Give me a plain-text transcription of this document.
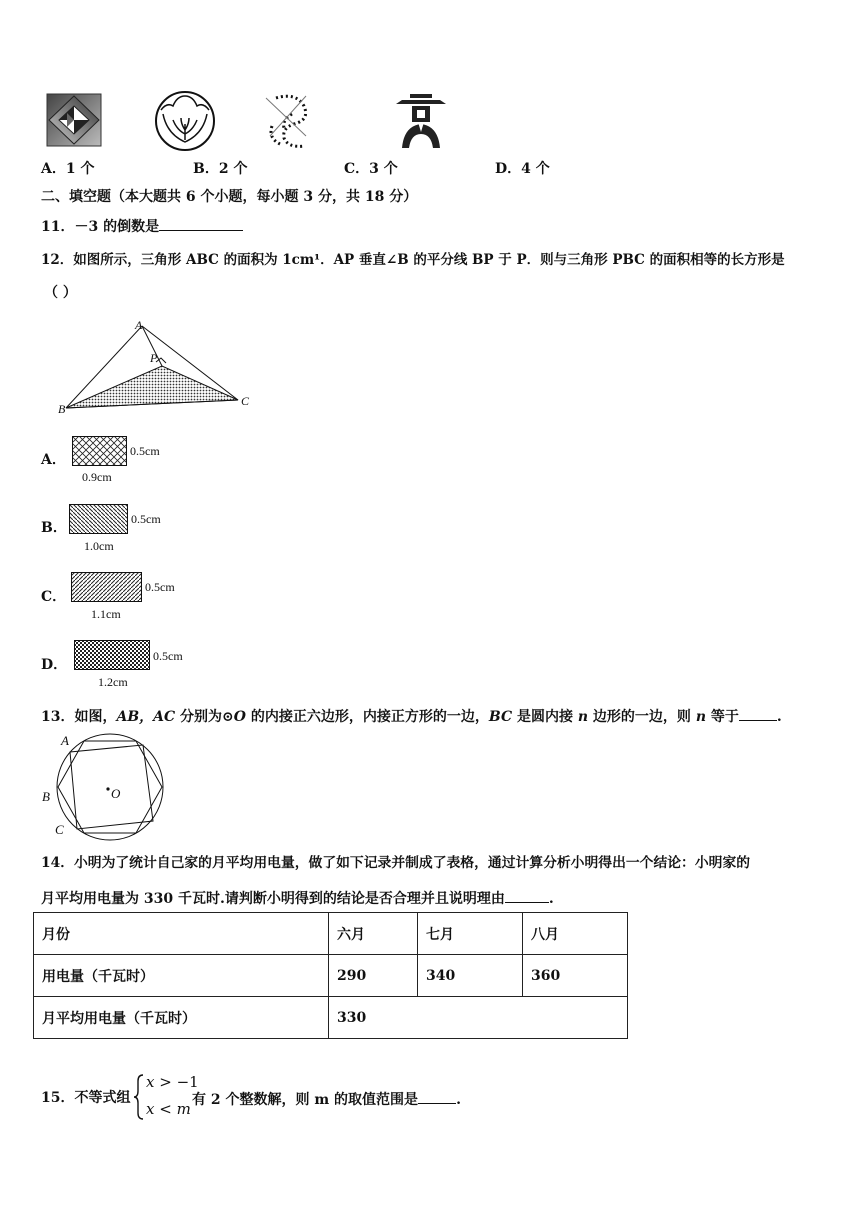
A．1 个	B．2 个	C．3 个	D．4 个
二、填空题（本大题共 6 个小题，每小题 3 分，共 18 分）
11．－3 的倒数是
12．如图所示，三角形 ABC 的面积为 1cm¹．AP 垂直∠B 的平分线 BP 于 P．则与三角形 PBC 的面积相等的长方形是
（ ）
A
P
B
C
A．
0.5cm
0.9cm
B．
0.5cm
1.0cm
C．
0.5cm
1.1cm
D．
0.5cm
1.2cm
13．如图，AB，AC 分别为⊙O 的内接正六边形，内接正方形的一边，BC 是圆内接 n 边形的一边，则 n 等于	.
A
B
C
O
14．小明为了统计自己家的月平均用电量，做了如下记录并制成了表格，通过计算分析小明得出一个结论：小明家的
月平均用电量为 330 千瓦时.请判断小明得到的结论是否合理并且说明理由	.
月份	六月	七月	八月
用电量（千瓦时）	290	340	360
月平均用电量（千瓦时）	330		
15．不等式组
x > −1
x < m 有 2 个整数解，则 m 的取值范围是	.
